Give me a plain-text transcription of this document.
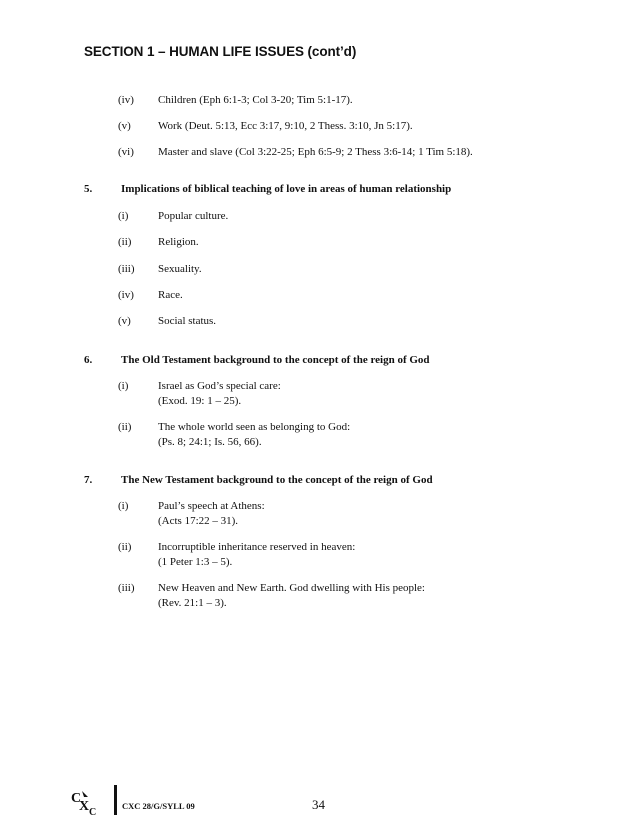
SECTION 1 – HUMAN LIFE ISSUES (cont’d)
(iv) Children (Eph 6:1-3; Col 3-20; Tim 5:1-17).
(v) Work (Deut. 5:13, Ecc 3:17, 9:10, 2 Thess. 3:10, Jn 5:17).
(vi) Master and slave (Col 3:22-25; Eph 6:5-9; 2 Thess 3:6-14; 1 Tim 5:18).
5.	Implications of biblical teaching of love in areas of human relationship
(i)	Popular culture.
(ii) Religion.
(iii) Sexuality.
(iv) Race.
(v) Social status.
6.	The Old Testament background to the concept of the reign of God
(i)	Israel as God’s special care:
(Exod. 19: 1 – 25).
(ii) The whole world seen as belonging to God:
(Ps. 8; 24:1; Is. 56, 66).
7.	The New Testament background to the concept of the reign of God
(i)	Paul’s speech at Athens:
(Acts 17:22 – 31).
(ii) Incorruptible inheritance reserved in heaven:
(1 Peter 1:3 – 5).
(iii) New Heaven and New Earth. God dwelling with His people:
(Rev. 21:1 – 3).
C
X C
CXC 28/G/SYLL 09	34
